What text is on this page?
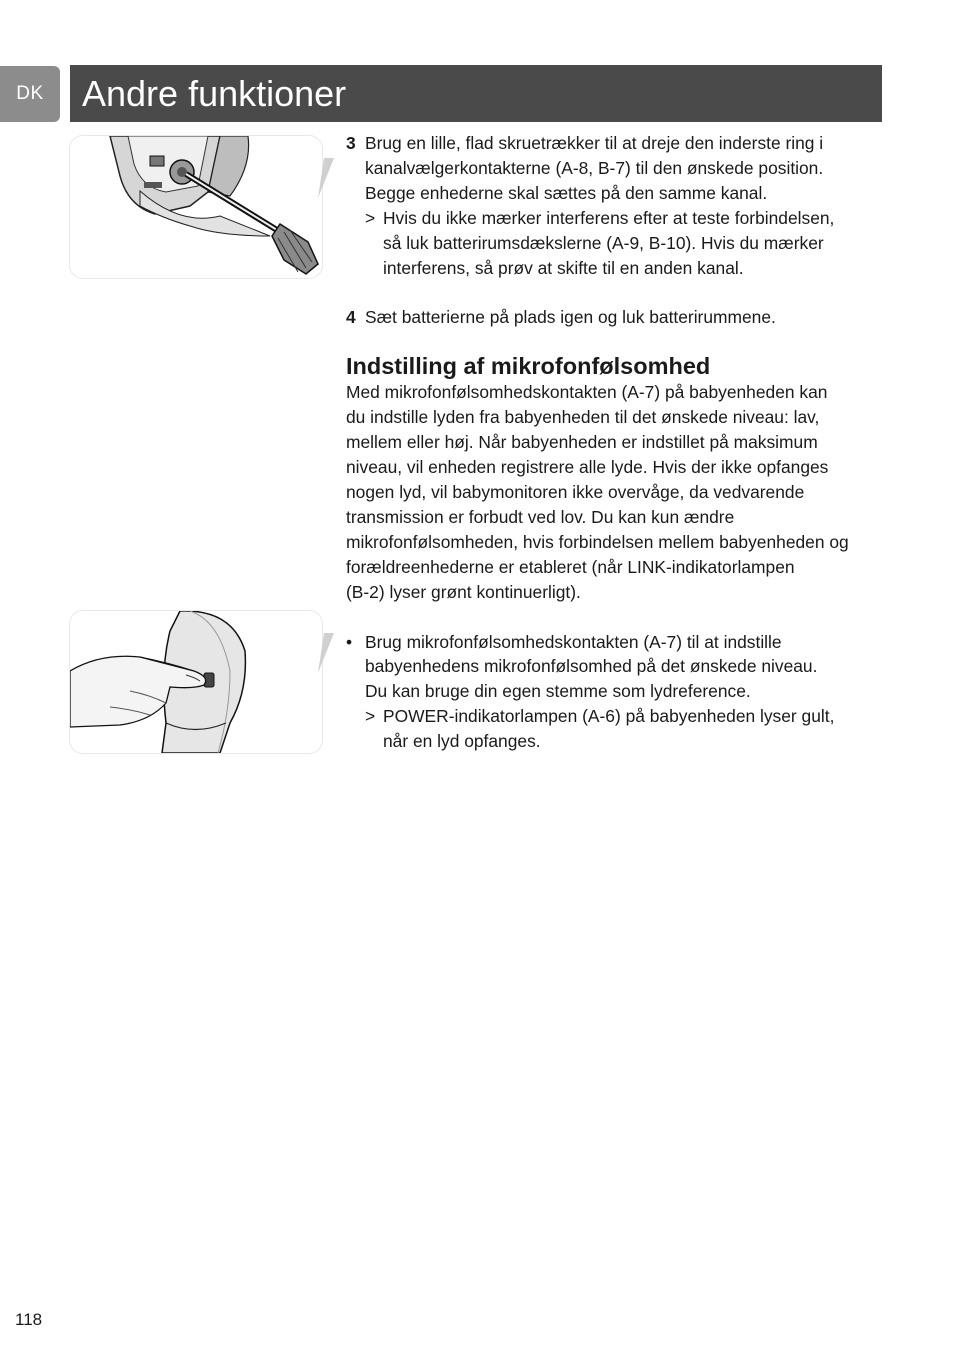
DK	Andre funktioner
3 Brug en lille, flad skruetrækker til at dreje den inderste ring i
kanalvælgerkontakterne (A-8, B-7) til den ønskede position.
Begge enhederne skal sættes på den samme kanal.
> Hvis du ikke mærker interferens efter at teste forbindelsen,
så luk batterirumsdækslerne (A-9, B-10). Hvis du mærker
interferens, så prøv at skifte til en anden kanal.
4 Sæt batterierne på plads igen og luk batterirummene.
Indstilling af mikrofonfølsomhed
Med mikrofonfølsomhedskontakten (A-7) på babyenheden kan
du indstille lyden fra babyenheden til det ønskede niveau: lav,
mellem eller høj. Når babyenheden er indstillet på maksimum
niveau, vil enheden registrere alle lyde. Hvis der ikke opfanges
nogen lyd, vil babymonitoren ikke overvåge, da vedvarende
transmission er forbudt ved lov. Du kan kun ændre
mikrofonfølsomheden, hvis forbindelsen mellem babyenheden og
forældreenhederne er etableret (når LINK-indikatorlampen
(B-2) lyser grønt kontinuerligt).
• Brug mikrofonfølsomhedskontakten (A-7) til at indstille
babyenhedens mikrofonfølsomhed på det ønskede niveau.
Du kan bruge din egen stemme som lydreference.
> POWER-indikatorlampen (A-6) på babyenheden lyser gult,
når en lyd opfanges.
118
